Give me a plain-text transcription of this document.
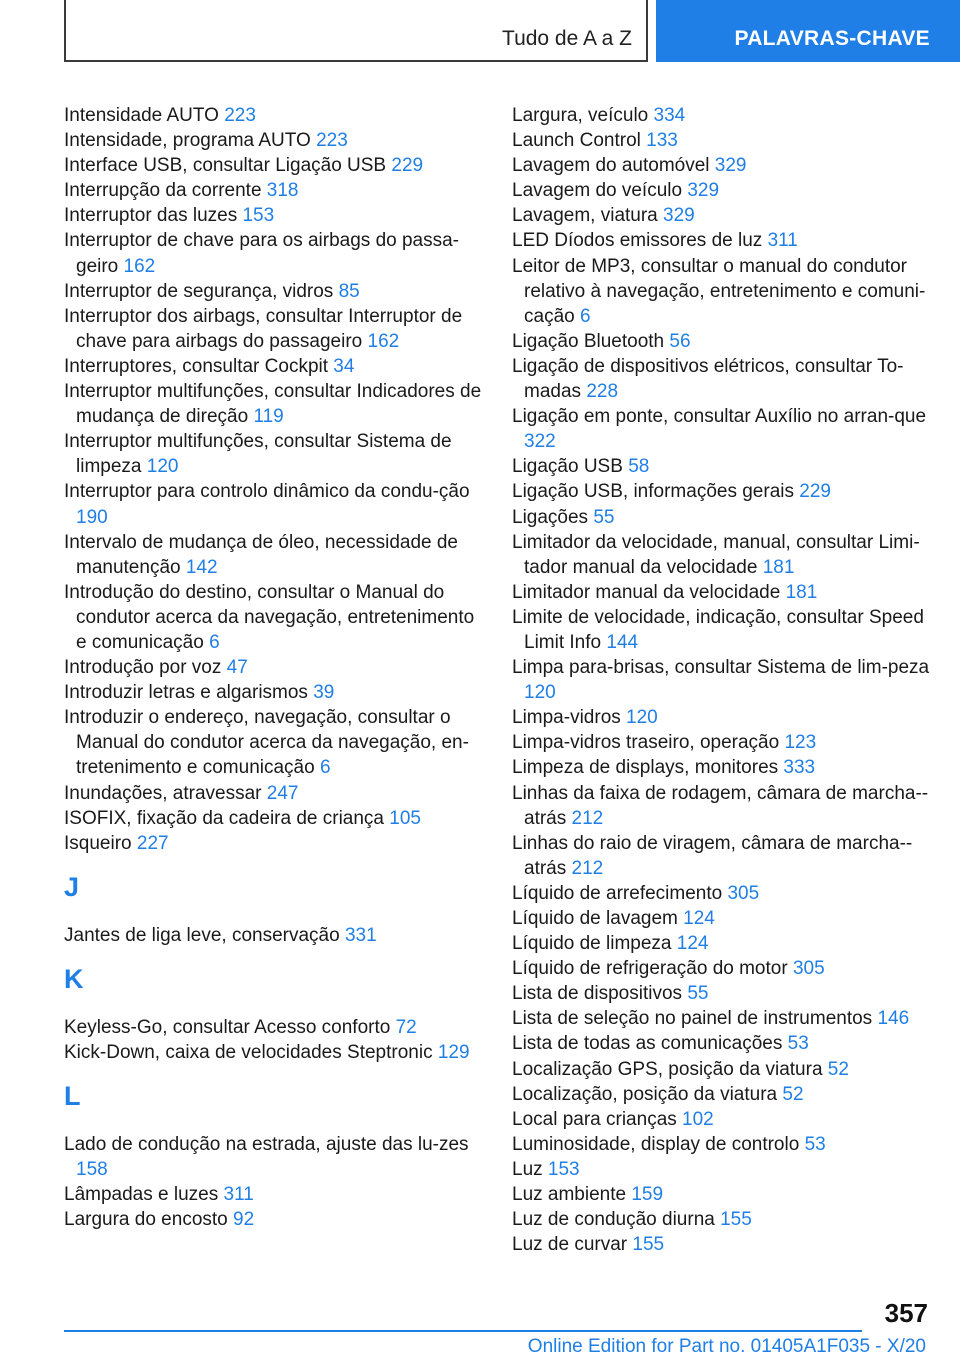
Tudo de A a Z	PALAVRAS-CHAVE
Intensidade AUTO 223
Intensidade, programa AUTO 223
Interface USB, consultar Ligação USB 229
Interrupção da corrente 318
Interruptor das luzes 153
Interruptor de chave para os airbags do passa‐geiro 162
Interruptor de segurança, vidros 85
Interruptor dos airbags, consultar Interruptor de chave para airbags do passageiro 162
Interruptores, consultar Cockpit 34
Interruptor multifunções, consultar Indicadores de mudança de direção 119
Interruptor multifunções, consultar Sistema de limpeza 120
Interruptor para controlo dinâmico da condu‐ção 190
Intervalo de mudança de óleo, necessidade de manutenção 142
Introdução do destino, consultar o Manual do condutor acerca da navegação, entretenimento e comunicação 6
Introdução por voz 47
Introduzir letras e algarismos 39
Introduzir o endereço, navegação, consultar o Manual do condutor acerca da navegação, en‐tretenimento e comunicação 6
Inundações, atravessar 247
ISOFIX, fixação da cadeira de criança 105
Isqueiro 227
J
Jantes de liga leve, conservação 331
K
Keyless-Go, consultar Acesso conforto 72
Kick-Down, caixa de velocidades Steptronic 129
L
Lado de condução na estrada, ajuste das lu‐zes 158
Lâmpadas e luzes 311
Largura do encosto 92
Largura, veículo 334
Launch Control 133
Lavagem do automóvel 329
Lavagem do veículo 329
Lavagem, viatura 329
LED Díodos emissores de luz 311
Leitor de MP3, consultar o manual do condutor relativo à navegação, entretenimento e comuni‐cação 6
Ligação Bluetooth 56
Ligação de dispositivos elétricos, consultar To‐madas 228
Ligação em ponte, consultar Auxílio no arran‐que 322
Ligação USB 58
Ligação USB, informações gerais 229
Ligações 55
Limitador da velocidade, manual, consultar Limi‐tador manual da velocidade 181
Limitador manual da velocidade 181
Limite de velocidade, indicação, consultar Speed Limit Info 144
Limpa para-brisas, consultar Sistema de lim‐peza 120
Limpa-vidros 120
Limpa-vidros traseiro, operação 123
Limpeza de displays, monitores 333
Linhas da faixa de rodagem, câmara de marcha-‐atrás 212
Linhas do raio de viragem, câmara de marcha-‐atrás 212
Líquido de arrefecimento 305
Líquido de lavagem 124
Líquido de limpeza 124
Líquido de refrigeração do motor 305
Lista de dispositivos 55
Lista de seleção no painel de instrumentos 146
Lista de todas as comunicações 53
Localização GPS, posição da viatura 52
Localização, posição da viatura 52
Local para crianças 102
Luminosidade, display de controlo 53
Luz 153
Luz ambiente 159
Luz de condução diurna 155
Luz de curvar 155
357
Online Edition for Part no. 01405A1F035 - X/20
